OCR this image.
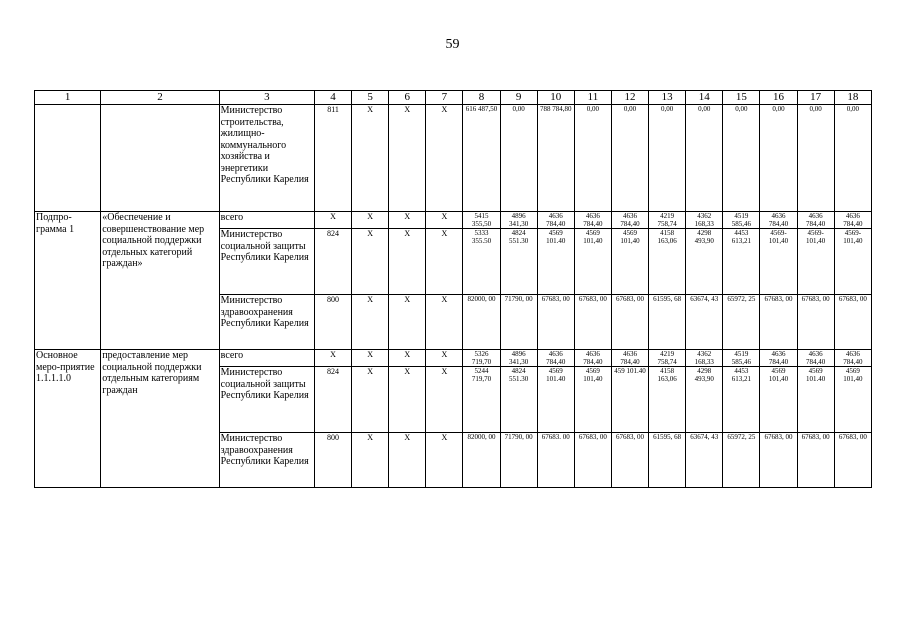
59
1	2	3	4	5	6	7	8	9	10	11	12	13	14	15	16	17	18
		Министерство строительства, жилищно-коммунального хозяйства и энергетики Республики Карелия	811	X	X	X	616 487,50	0,00	788 784,80	0,00	0,00	0,00	0,00	0,00	0,00	0,00	0,00
Подпро-грамма 1	«Обеспечение и совершенствование мер социальной поддержки отдельных категорий граждан»	всего	X	X	X	X	5415 355,50	4896 341,30	4636 784,40	4636 784,40	4636 784,40	4219 758,74	4362 168,33	4519 585,46	4636 784,40	4636 784,40	4636 784,40
		Министерство социальной защиты Республики Карелия	824	X	X	X	5333 355.50	4824 551.30	4569 101.40	4569 101,40	4569 101,40	4158 163,06	4298 493,90	4453 613,21	4569-101,40	4569-101,40	4569-101,40
		Министерство здравоохранения Республики Карелия	800	X	X	X	82000, 00	71790, 00	67683, 00	67683, 00	67683, 00	61595, 68	63674, 43	65972, 25	67683, 00	67683, 00	67683, 00
Основное меро-приятие 1.1.1.1.0	предоставление мер социальной поддержки отдельным категориям граждан	всего	X	X	X	X	5326 719,70	4896 341,30	4636 784,40	4636 784,40	4636 784,40	4219 758,74	4362 168,33	4519 585,46	4636 784,40	4636 784,40	4636 784,40
		Министерство социальной защиты Республики Карелия	824	X	X	X	5244 719,70	4824 551.30	4569 101.40	4569 101,40	459 101.40	4158 163,06	4298 493,90	4453 613,21	4569 101,40	4569 101.40	4569 101,40
		Министерство здравоохранения Республики Карелия	800	X	X	X	82000, 00	71790, 00	67683. 00	67683, 00	67683, 00	61595, 68	63674, 43	65972, 25	67683, 00	67683, 00	67683, 00
